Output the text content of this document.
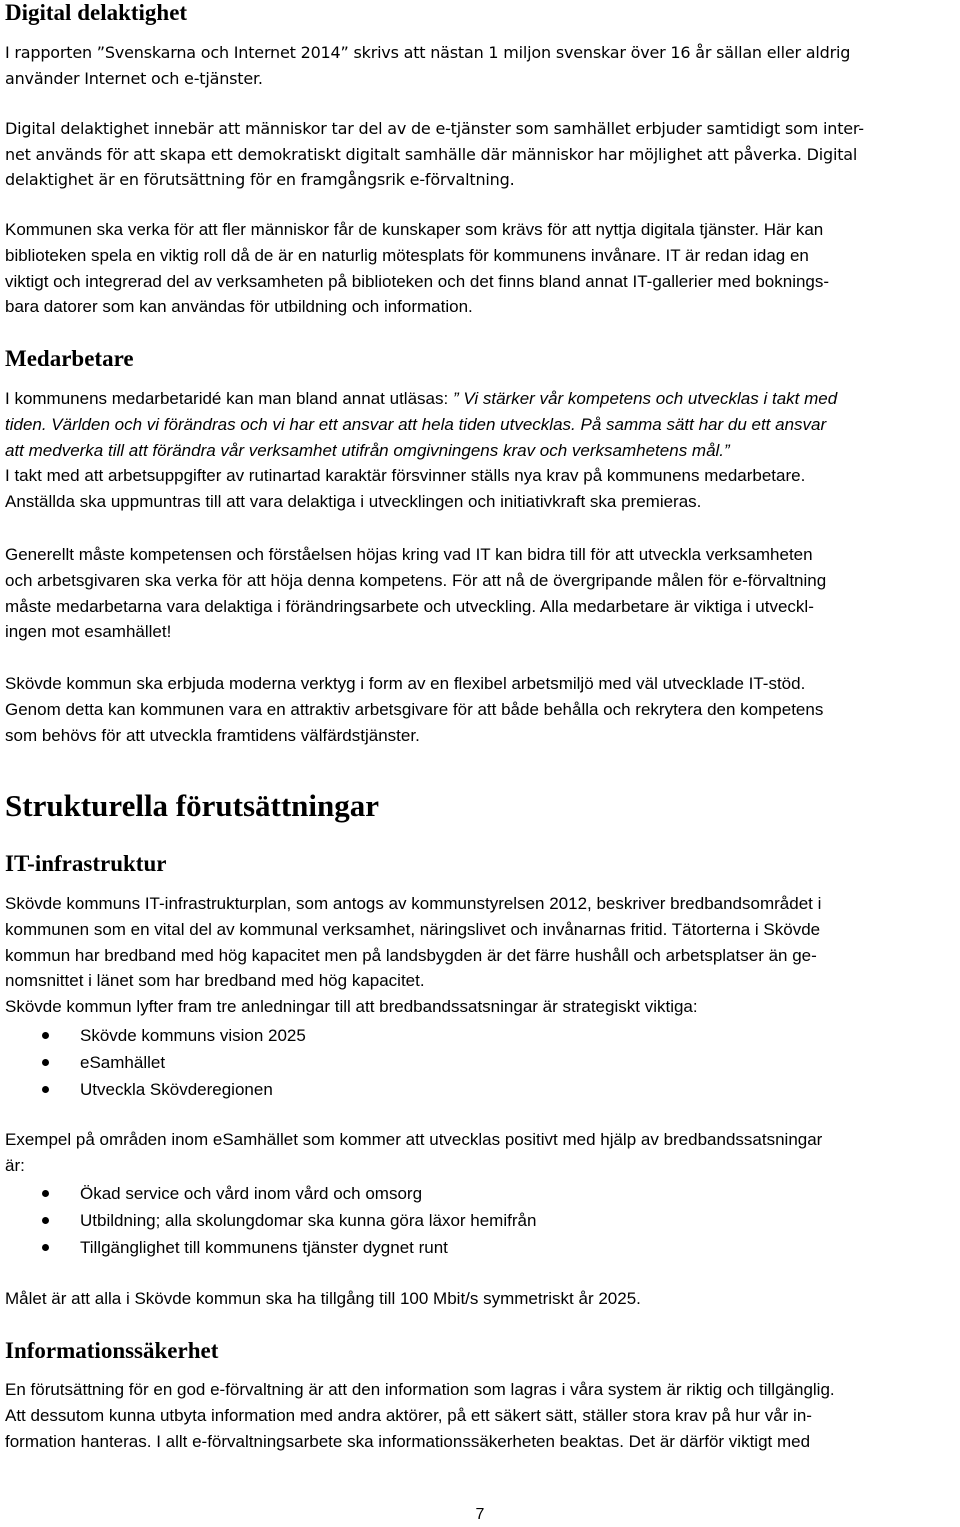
Digital delaktighet

I rapporten ”Svenskarna och Internet 2014” skrivs att nästan 1 miljon svenskar över 16 år sällan eller aldrig
använder Internet och e-tjänster.

Digital delaktighet innebär att människor tar del av de e-tjänster som samhället erbjuder samtidigt som inter-
net används för att skapa ett demokratiskt digitalt samhälle där människor har möjlighet att påverka. Digital
delaktighet är en förutsättning för en framgångsrik e-förvaltning.

Kommunen ska verka för att fler människor får de kunskaper som krävs för att nyttja digitala tjänster. Här kan
biblioteken spela en viktig roll då de är en naturlig mötesplats för kommunens invånare. IT är redan idag en
viktigt och integrerad del av verksamheten på biblioteken och det finns bland annat IT-gallerier med boknings-
bara datorer som kan användas för utbildning och information.

Medarbetare

I kommunens medarbetaridé kan man bland annat utläsas: ” Vi stärker vår kompetens och utvecklas i takt med
tiden. Världen och vi förändras och vi har ett ansvar att hela tiden utvecklas. På samma sätt har du ett ansvar
att medverka till att förändra vår verksamhet utifrån omgivningens krav och verksamhetens mål.”
I takt med att arbetsuppgifter av rutinartad karaktär försvinner ställs nya krav på kommunens medarbetare.
Anställda ska uppmuntras till att vara delaktiga i utvecklingen och initiativkraft ska premieras.

Generellt måste kompetensen och förståelsen höjas kring vad IT kan bidra till för att utveckla verksamheten
och arbetsgivaren ska verka för att höja denna kompetens. För att nå de övergripande målen för e-förvaltning
måste medarbetarna vara delaktiga i förändringsarbete och utveckling. Alla medarbetare är viktiga i utveckl-
ingen mot esamhället!

Skövde kommun ska erbjuda moderna verktyg i form av en flexibel arbetsmiljö med väl utvecklade IT-stöd.
Genom detta kan kommunen vara en attraktiv arbetsgivare för att både behålla och rekrytera den kompetens
som behövs för att utveckla framtidens välfärdstjänster.

Strukturella förutsättningar
IT-infrastruktur

Skövde kommuns IT-infrastrukturplan, som antogs av kommunstyrelsen 2012, beskriver bredbandsområdet i
kommunen som en vital del av kommunal verksamhet, näringslivet och invånarnas fritid. Tätorterna i Skövde
kommun har bredband med hög kapacitet men på landsbygden är det färre hushåll och arbetsplatser än ge-
nomsnittet i länet som har bredband med hög kapacitet.
Skövde kommun lyfter fram tre anledningar till att bredbandssatsningar är strategiskt viktiga:

Skövde kommuns vision 2025
eSamhället
Utveckla Skövderegionen

Exempel på områden inom eSamhället som kommer att utvecklas positivt med hjälp av bredbandssatsningar
är:

Ökad service och vård inom vård och omsorg
Utbildning; alla skolungdomar ska kunna göra läxor hemifrån
Tillgänglighet till kommunens tjänster dygnet runt

Målet är att alla i Skövde kommun ska ha tillgång till 100 Mbit/s symmetriskt år 2025.

Informationssäkerhet

En förutsättning för en god e-förvaltning är att den information som lagras i våra system är riktig och tillgänglig.
Att dessutom kunna utbyta information med andra aktörer, på ett säkert sätt, ställer stora krav på hur vår in-
formation hanteras. I allt e-förvaltningsarbete ska informationssäkerheten beaktas. Det är därför viktigt med

7
